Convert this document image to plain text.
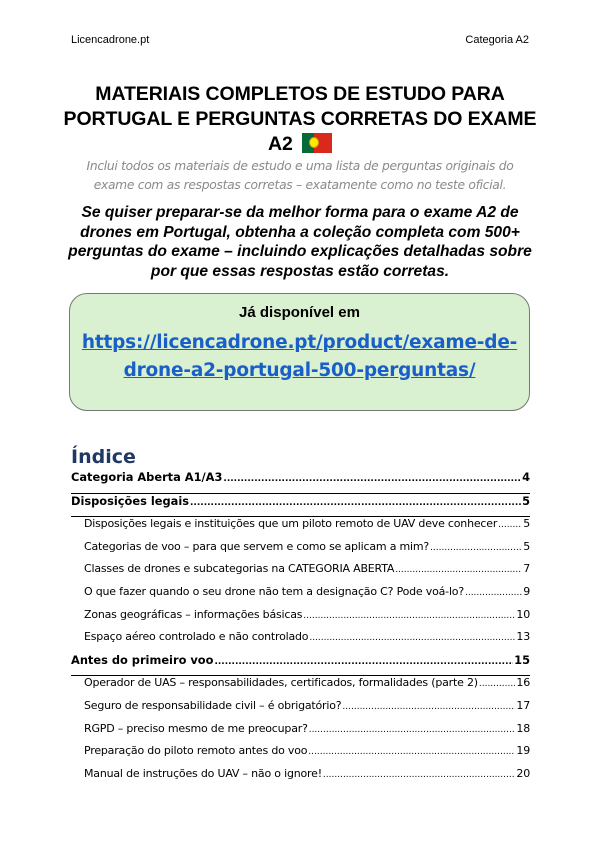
Licencadrone.pt	Categoria A2
MATERIAIS COMPLETOS DE ESTUDO PARA PORTUGAL E PERGUNTAS CORRETAS DO EXAME A2
Inclui todos os materiais de estudo e uma lista de perguntas originais do exame com as respostas corretas – exatamente como no teste oficial.
Se quiser preparar-se da melhor forma para o exame A2 de drones em Portugal, obtenha a coleção completa com 500+ perguntas do exame – incluindo explicações detalhadas sobre por que essas respostas estão corretas.
Já disponível em
https://licencadrone.pt/product/exame-de-drone-a2-portugal-500-perguntas/
Índice
Categoria Aberta A1/A3 .....	4
Disposições legais .....	5
Disposições legais e instituições que um piloto remoto de UAV deve conhecer ..... 5
Categorias de voo – para que servem e como se aplicam a mim? .....	5
Classes de drones e subcategorias na CATEGORIA ABERTA .....	7
O que fazer quando o seu drone não tem a designação C? Pode voá-lo? .....	9
Zonas geográficas – informações básicas .....	10
Espaço aéreo controlado e não controlado .....	13
Antes do primeiro voo .....	15
Operador de UAS – responsabilidades, certificados, formalidades (parte 2) .....	16
Seguro de responsabilidade civil – é obrigatório? .....	17
RGPD – preciso mesmo de me preocupar? .....	18
Preparação do piloto remoto antes do voo .....	19
Manual de instruções do UAV – não o ignore! .....	20
